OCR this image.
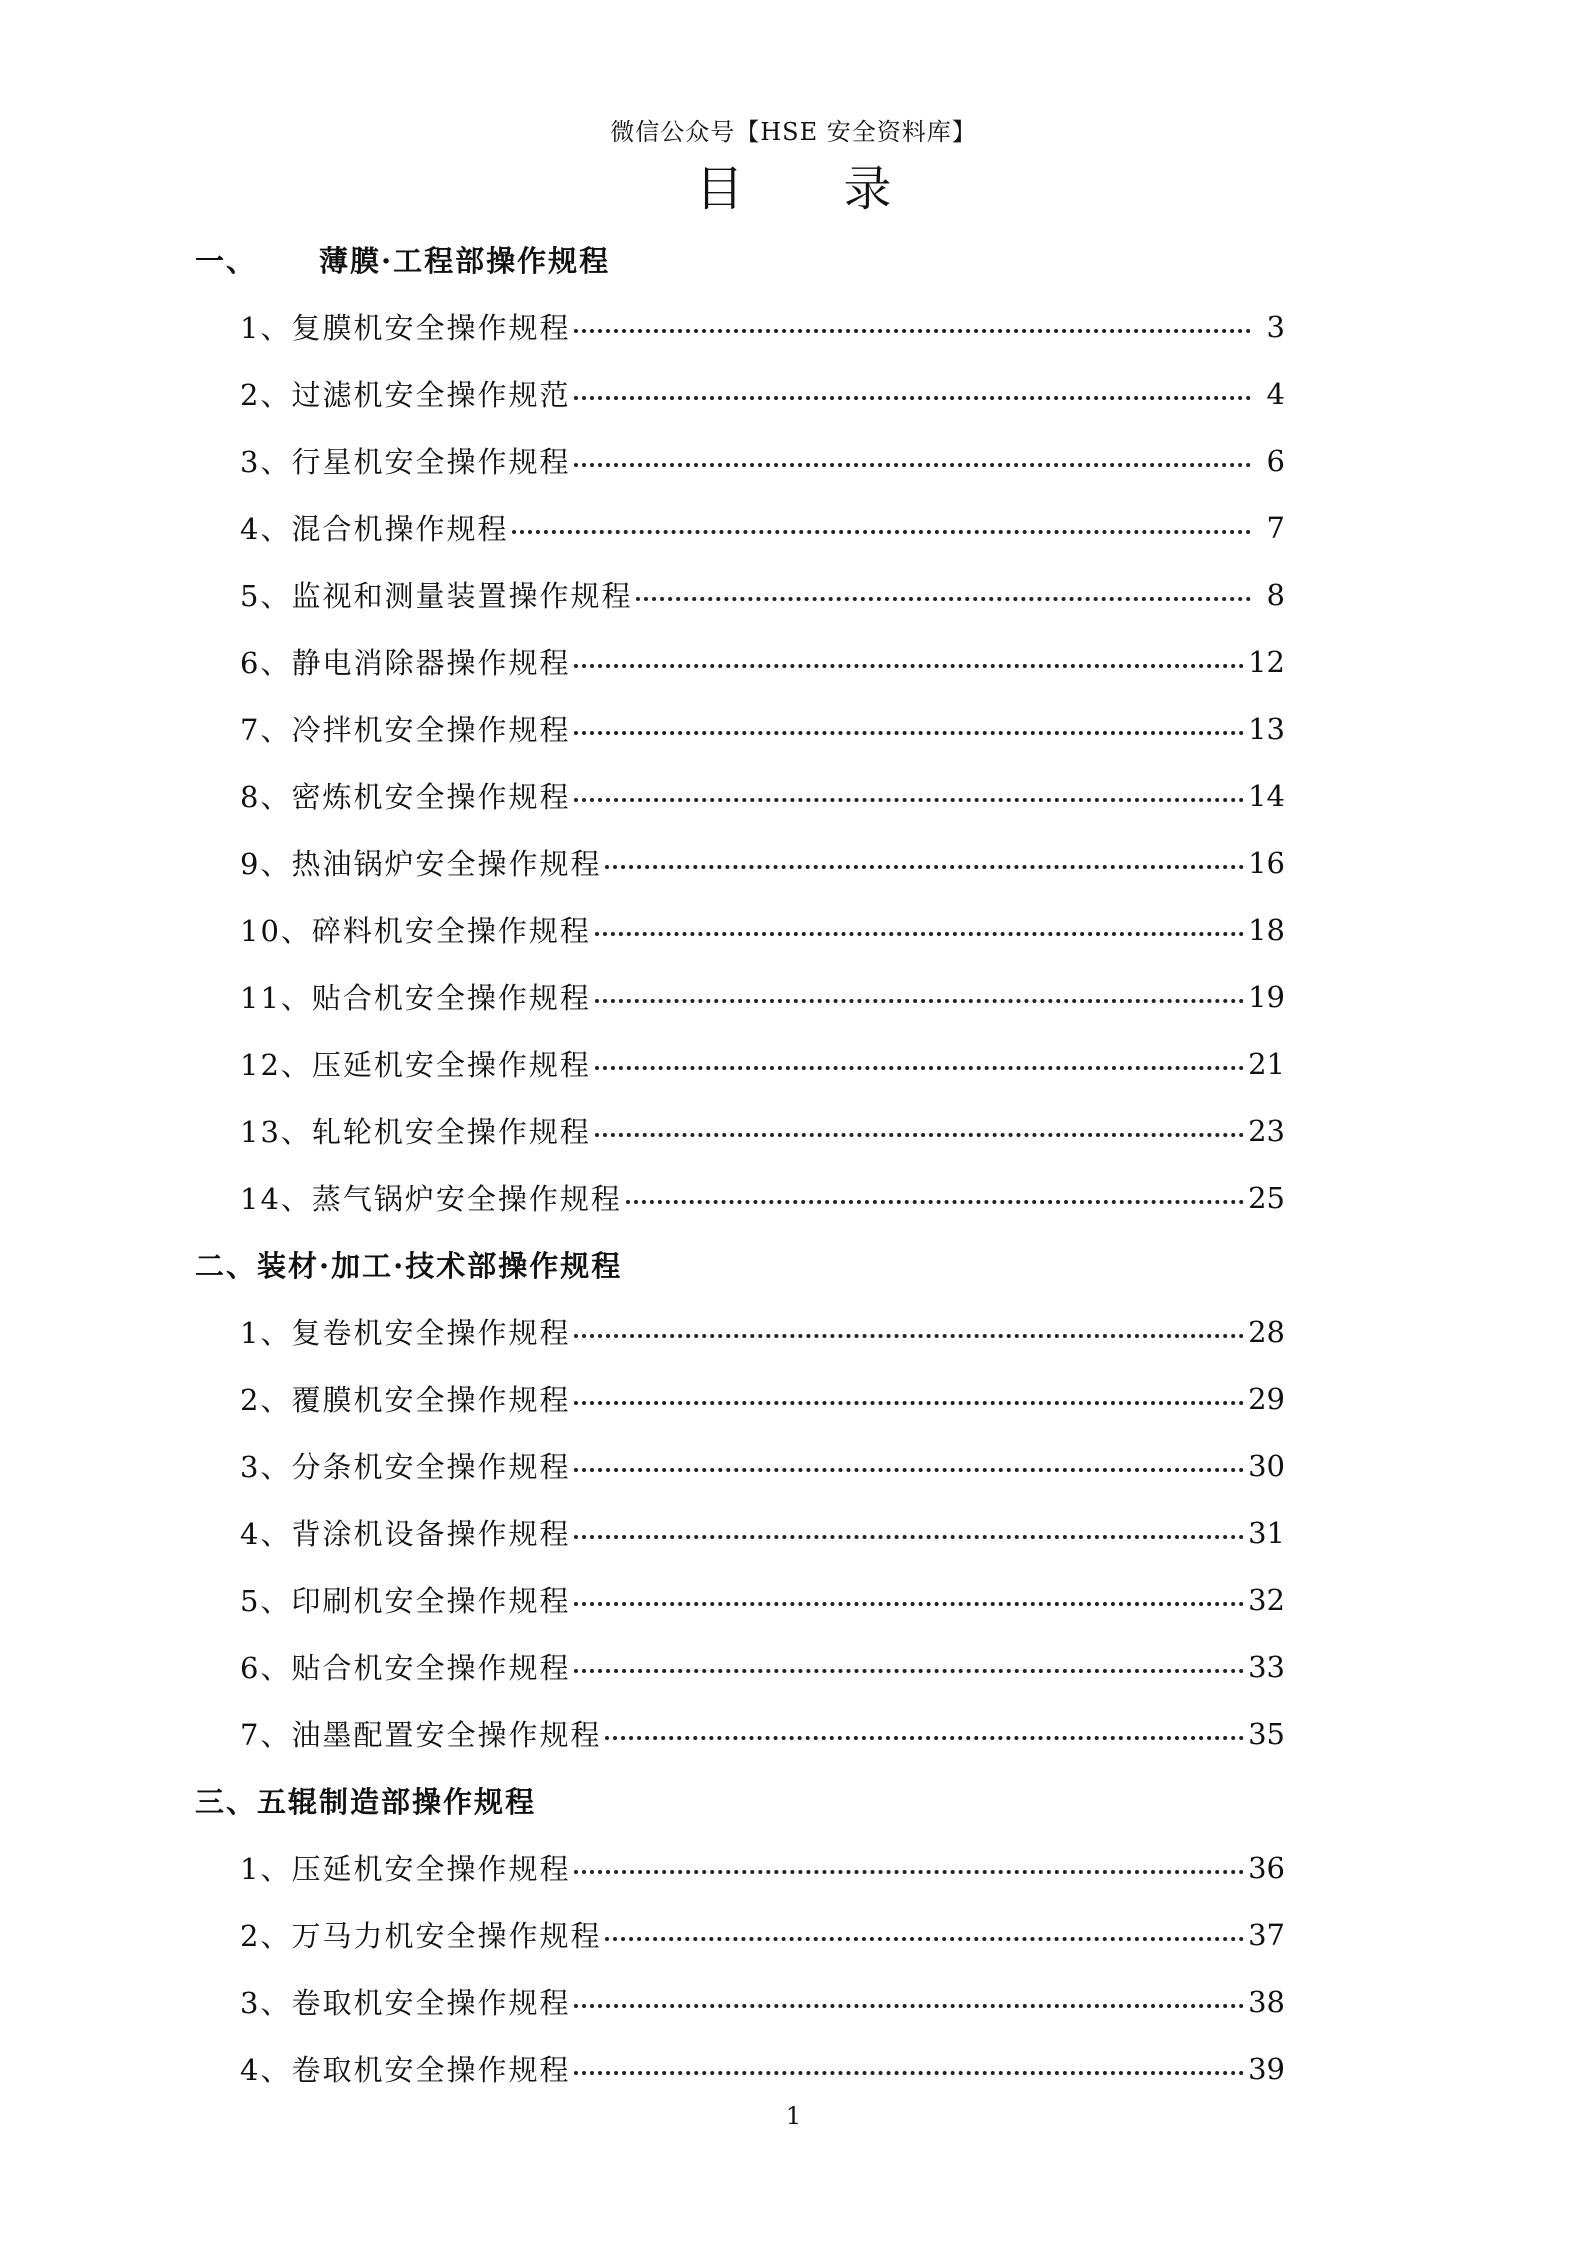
微信公众号【HSE 安全资料库】
目 录
一、 　　薄膜·工程部操作规程
1、复膜机安全操作规程	3
2、过滤机安全操作规范	4
3、行星机安全操作规程	6
4、混合机操作规程	7
5、监视和测量装置操作规程	8
6、静电消除器操作规程	12
7、冷拌机安全操作规程	13
8、密炼机安全操作规程	14
9、热油锅炉安全操作规程	16
10、碎料机安全操作规程	18
11、贴合机安全操作规程	19
12、压延机安全操作规程	21
13、轧轮机安全操作规程	23
14、蒸气锅炉安全操作规程	25
二、 装材·加工·技术部操作规程
1、复卷机安全操作规程	28
2、覆膜机安全操作规程	29
3、分条机安全操作规程	30
4、背涂机设备操作规程	31
5、印刷机安全操作规程	32
6、贴合机安全操作规程	33
7、油墨配置安全操作规程	35
三、 五辊制造部操作规程
1、压延机安全操作规程	36
2、万马力机安全操作规程	37
3、卷取机安全操作规程	38
4、卷取机安全操作规程	39
1
